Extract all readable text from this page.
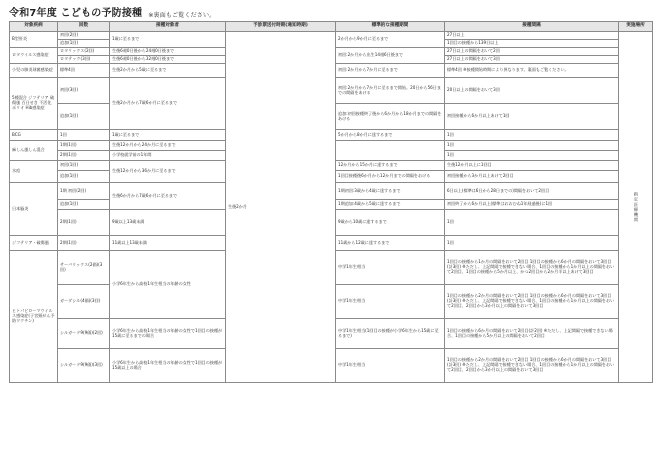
令和7年度 こどもの予防接種 ※裏面もご覧ください。
対象疾病	回数	接種対象者	予診票送付時期(通知時期)	標準的な接種期間	接種間隔	実施場所
B型肝炎	初回(2回)	1歳に至るまで	生後2か月	2か月から9か月に至るまで	27日以上	指定医療機関
	追加(1回)				1回目の接種から139日以上	
ロタウイルス感染症	ロタリックス(2回)	生後6週0日後から24週0日後まで		初回:2か月から出生14週6日後まで	27日以上の間隔をおいて2回	
	ロタテック(3回)	生後6週0日後から32週0日後まで			27日以上の間隔をおいて3回	
小児の肺炎球菌感染症	標準4回	生後2か月から5歳に至るまで		初回:2か月から7か月に至るまで	標準4回 ※接種開始時期により異なります。裏面もご覧ください。	
5種混合 ジフテリア 破傷風 百日せき 不活化ポリオ Hib感染症	初回(3回)	生後2か月から7歳6か月に至るまで		初回:2か月から7か月に至るまで開始。20日から56日までの間隔をあける	20日以上の間隔をおいて3回	
	追加(1回)			追加:初回接種終了後から6か月から18か月までの間隔をあける	初回接種から6か月以上あけて1回	
BCG	1回	1歳に至るまで		5か月から8か月に達するまで	1回	
麻しん風しん混合	1期(1回)	生後12か月から24か月に至るまで			1回	
	2期(1回)	小学校就学前の1年間			1回	
水痘	初回(1回)	生後12か月から36か月に至るまで		12か月から15か月に達するまで	生後12か月以上に1回目	
	追加(1回)			1回目接種後6か月から12か月までの間隔をおける	初回接種から3か月以上あけて2回目	
日本脳炎	1期 初回(2回)	生後6か月から7歳6か月に至るまで		1期初回:3歳から4歳に達するまで	6日以上(標準は6日から28日までの)間隔をおいて2回目	
	追加(1回)			1期追加:4歳から5歳に達するまで	初回終了から6か月以上(標準はおおむね1年経過後)に1回	
	2期(1回)	9歳以上13歳未満		9歳から10歳に達するまで	1回	
ジフテリア・破傷風	2期(1回)	11歳以上13歳未満		11歳から12歳に達するまで	1回	
ヒトパピローマウイルス感染症(子宮頸がん予防ワクチン)	サーバリックス(2価)(3回)	小学6年生から高校1年生相当の年齢の女性		中学1年生相当	1回目の接種から1か月の間隔をおいて2回目 1回目の接種から6か月の間隔をおいて3回目(計3回) ※ただし、上記間隔で接種できない場合、1回目の接種から1か月以上の間隔をおいて2回目、1回目の接種から5か月以上、かつ2回目から2か月半以上あけて3回目	
	ガーダシル(4価)(3回)			中学1年生相当	1回目の接種から2か月の間隔をおいて2回目 1回目の接種から6か月の間隔をおいて3回目(計3回) ※ただし、上記間隔で接種できない場合、1回目の接種から1か月以上の間隔をおいて2回目、2回目から3か月以上の間隔をおいて3回目	
	シルガード9(9価)(2回)	小学6年生から高校1年生相当の年齢の女性で1回目の接種が15歳に至るまでの場合		中学1年生相当(1回目の接種が小学6年生から15歳に至るまで)	1回目の接種から6か月の間隔をおいて2回目(計2回) ※ただし、上記間隔で接種できない場合、1回目の接種から5か月以上の間隔をおいて2回目	
	シルガード9(9価)(3回)	小学6年生から高校1年生相当の年齢の女性で1回目の接種が15歳以上の場合		中学1年生相当	1回目の接種から2か月の間隔をおいて2回目 1回目の接種から6か月の間隔をおいて3回目(計3回) ※ただし、上記間隔で接種できない場合、1回目の接種から1か月以上の間隔をおいて2回目、2回目から3か月以上の間隔をおいて3回目	
